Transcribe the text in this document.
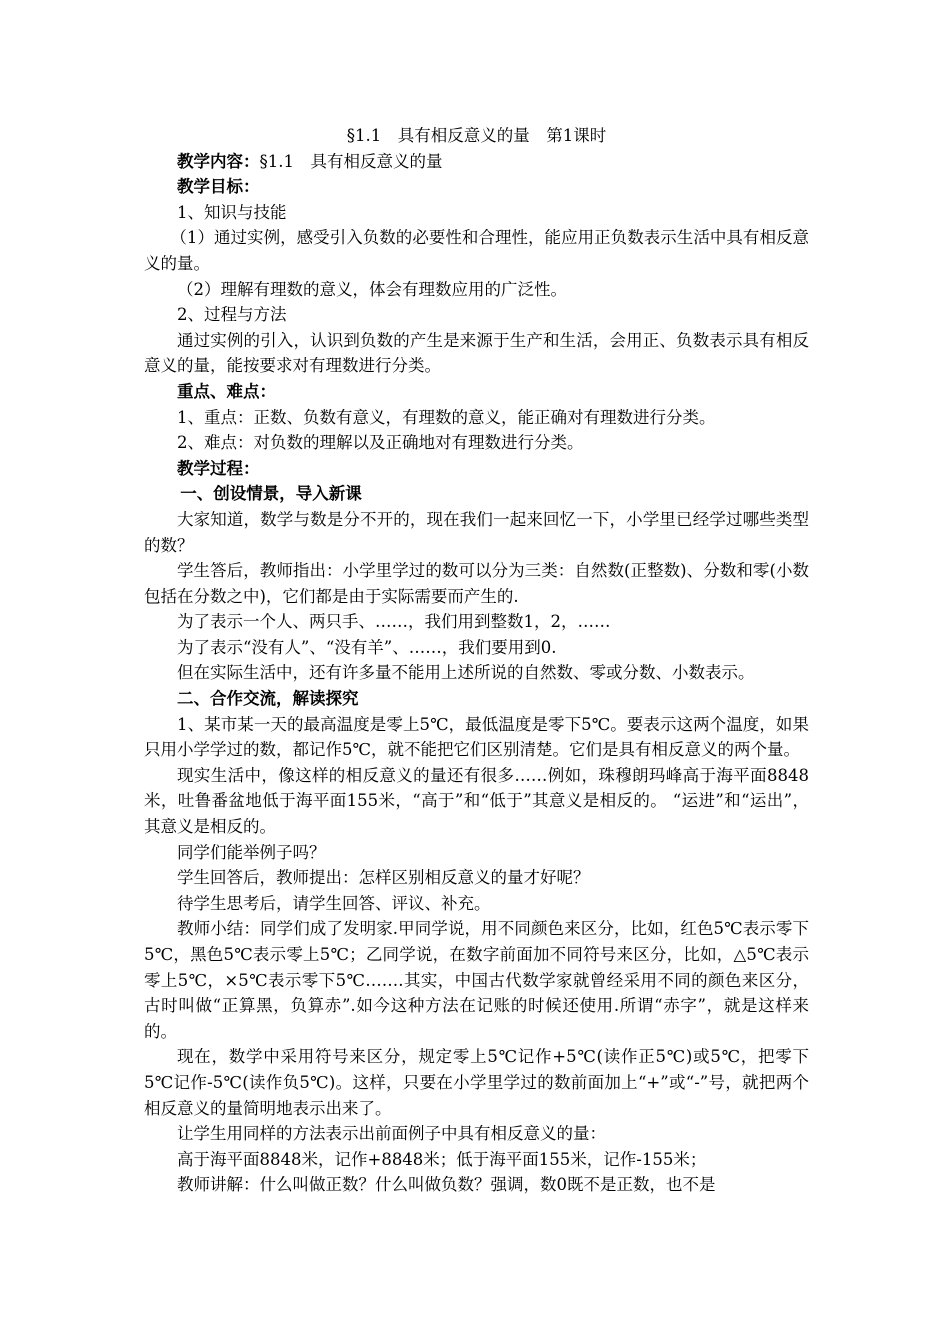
§1.1　具有相反意义的量　第1课时

教学内容：§1.1　具有相反意义的量

教学目标：

1、知识与技能

（1）通过实例，感受引入负数的必要性和合理性，能应用正负数表示生活中具有相反意义的量。

（2）理解有理数的意义，体会有理数应用的广泛性。

2、过程与方法

通过实例的引入，认识到负数的产生是来源于生产和生活，会用正、负数表示具有相反意义的量，能按要求对有理数进行分类。

重点、难点：

1、重点：正数、负数有意义，有理数的意义，能正确对有理数进行分类。

2、难点：对负数的理解以及正确地对有理数进行分类。

教学过程：

一、创设情景，导入新课

大家知道，数学与数是分不开的，现在我们一起来回忆一下，小学里已经学过哪些类型的数？

学生答后，教师指出：小学里学过的数可以分为三类：自然数(正整数)、分数和零(小数包括在分数之中)，它们都是由于实际需要而产生的.

为了表示一个人、两只手、……，我们用到整数1，2，……

为了表示“没有人”、“没有羊”、……，我们要用到0.

但在实际生活中，还有许多量不能用上述所说的自然数、零或分数、小数表示。

二、合作交流，解读探究

1、某市某一天的最高温度是零上5℃，最低温度是零下5℃。要表示这两个温度，如果只用小学学过的数，都记作5℃，就不能把它们区别清楚。它们是具有相反意义的两个量。

现实生活中，像这样的相反意义的量还有很多……例如，珠穆朗玛峰高于海平面8848米，吐鲁番盆地低于海平面155米，“高于”和“低于”其意义是相反的。 “运进”和“运出”，其意义是相反的。

同学们能举例子吗？

学生回答后，教师提出：怎样区别相反意义的量才好呢？

待学生思考后，请学生回答、评议、补充。

教师小结：同学们成了发明家.甲同学说，用不同颜色来区分，比如，红色5℃表示零下5℃，黑色5℃表示零上5℃；乙同学说，在数字前面加不同符号来区分，比如，△5℃表示零上5℃，×5℃表示零下5℃…….其实，中国古代数学家就曾经采用不同的颜色来区分，古时叫做“正算黑，负算赤”.如今这种方法在记账的时候还使用.所谓“赤字”，就是这样来的。

现在，数学中采用符号来区分，规定零上5℃记作+5℃(读作正5℃)或5℃，把零下5℃记作-5℃(读作负5℃)。这样，只要在小学里学过的数前面加上“+”或“-”号，就把两个相反意义的量简明地表示出来了。

让学生用同样的方法表示出前面例子中具有相反意义的量：

高于海平面8848米，记作+8848米；低于海平面155米，记作-155米；

教师讲解：什么叫做正数？什么叫做负数？强调，数0既不是正数，也不是
